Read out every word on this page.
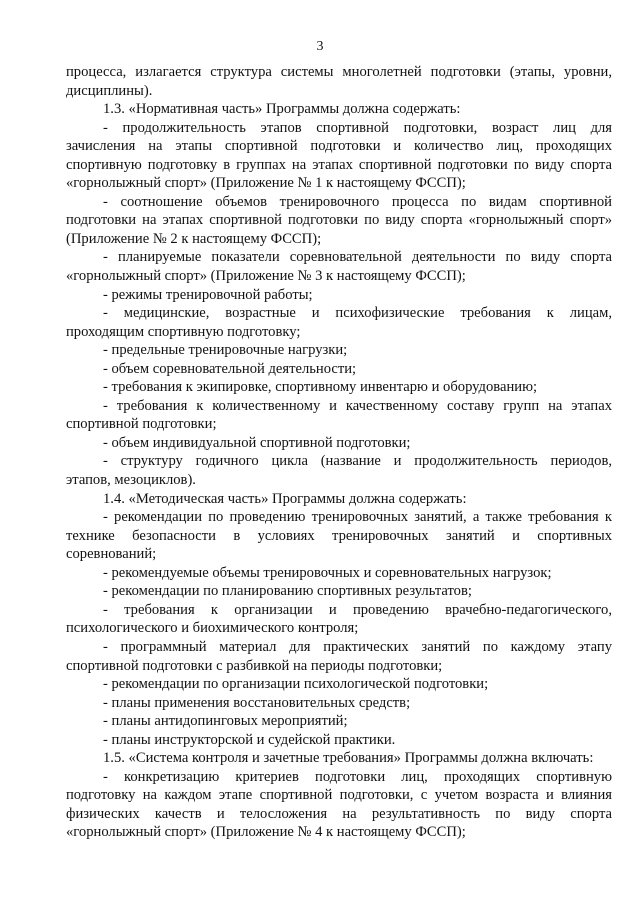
3
процесса, излагается структура системы многолетней подготовки (этапы, уровни,
дисциплины).
1.3. «Нормативная часть» Программы должна содержать:
- продолжительность этапов спортивной подготовки, возраст лиц для
зачисления на этапы спортивной подготовки и количество лиц, проходящих
спортивную подготовку в группах на этапах спортивной подготовки по виду спорта
«горнолыжный спорт» (Приложение № 1 к настоящему ФССП);
- соотношение объемов тренировочного процесса по видам спортивной
подготовки на этапах спортивной подготовки по виду спорта «горнолыжный спорт»
(Приложение № 2 к настоящему ФССП);
- планируемые показатели соревновательной деятельности по виду спорта
«горнолыжный спорт» (Приложение № 3 к настоящему ФССП);
- режимы тренировочной работы;
- медицинские, возрастные и психофизические требования к лицам,
проходящим спортивную подготовку;
- предельные тренировочные нагрузки;
- объем соревновательной деятельности;
- требования к экипировке, спортивному инвентарю и оборудованию;
- требования к количественному и качественному составу групп на этапах
спортивной подготовки;
- объем индивидуальной спортивной подготовки;
- структуру годичного цикла (название и продолжительность периодов,
этапов, мезоциклов).
1.4. «Методическая часть» Программы должна содержать:
- рекомендации по проведению тренировочных занятий, а также требования к
технике безопасности в условиях тренировочных занятий и спортивных
соревнований;
- рекомендуемые объемы тренировочных и соревновательных нагрузок;
- рекомендации по планированию спортивных результатов;
- требования к организации и проведению врачебно-педагогического,
психологического и биохимического контроля;
- программный материал для практических занятий по каждому этапу
спортивной подготовки с разбивкой на периоды подготовки;
- рекомендации по организации психологической подготовки;
- планы применения восстановительных средств;
- планы антидопинговых мероприятий;
- планы инструкторской и судейской практики.
1.5. «Система контроля и зачетные требования» Программы должна включать:
- конкретизацию критериев подготовки лиц, проходящих спортивную
подготовку на каждом этапе спортивной подготовки, с учетом возраста и влияния
физических качеств и телосложения на результативность по виду спорта
«горнолыжный спорт» (Приложение № 4 к настоящему ФССП);
